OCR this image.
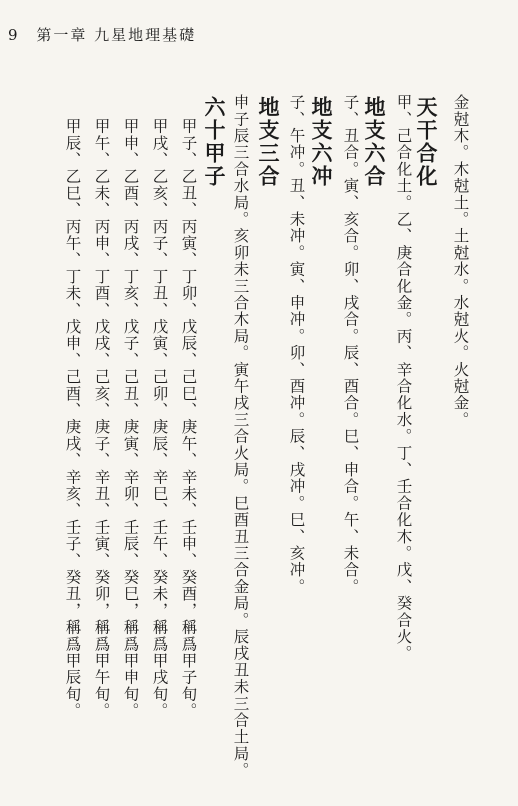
9 第一章 九星地理基礎
金尅木。木尅土。土尅水。水尅火。火尅金。
天干合化
甲、己合化土。乙、庚合化金。丙、辛合化水。丁、壬合化木。戊、癸合火。
地支六合
子、丑合。寅、亥合。卯、戌合。辰、酉合。巳、申合。午、未合。
地支六冲
子、午冲。丑、未冲。寅、申冲。卯、酉冲。辰、戌冲。巳、亥冲。
地支三合
申子辰三合水局。亥卯未三合木局。寅午戌三合火局。巳酉丑三合金局。辰戌丑未三合土局。
六十甲子
甲子、乙丑、丙寅、丁卯、戊辰、己巳、庚午、辛未、壬申、癸酉，稱爲甲子旬。
甲戌、乙亥、丙子、丁丑、戊寅、己卯、庚辰、辛巳、壬午、癸未，稱爲甲戌旬。
甲申、乙酉、丙戌、丁亥、戊子、己丑、庚寅、辛卯、壬辰、癸巳，稱爲甲申旬。
甲午、乙未、丙申、丁酉、戊戌、己亥、庚子、辛丑、壬寅、癸卯，稱爲甲午旬。
甲辰、乙巳、丙午、丁未、戊申、己酉、庚戌、辛亥、壬子、癸丑，稱爲甲辰旬。
